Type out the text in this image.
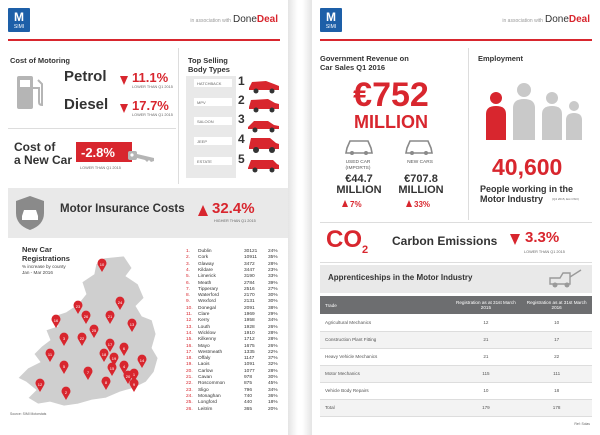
M
SIMI
in association with DoneDeal
Cost of Motoring
Petrol 11.1%
LOWER THAN Q1 2015
Diesel 17.7%
LOWER THAN Q1 2015
Cost of
a New Car -2.8%
LOWER THAN Q1 2015
Top Selling
Body Types
HATCHBACK
MPV
SALOON
JEEP
ESTATE
1
2
3
4
5
Motor Insurance Costs 32.4%
HIGHER THAN Q1 2015
New Car
Registrations
% increase by county
Jan - Mar 2016
1
2
3
4
5
6
7
8	9
10
11
12
13
14
15
16
17
18
19
20
21
22
23
24
25
26
Source: SIMI Motorstats
1. Dublin	30121 24%
2. Cork	10911 35%
3. Glaway	3472	28%
4. Kildare	3447	23%
5. Limerick	3190	33%
6. Meath	2784	39%
7. Tipperary	2516	27%
8. Waterford	2170	30%
9. Wexford	2131	30%
10. Donegal	2091	38%
11. Clare	1969	29%
12. Kerry	1958	34%
13. Louth	1928	26%
14. Wicklow	1910	28%
15. Kilkenny	1712	28%
16. Mayo	1675	26%
17. Westmeath	1335	22%
18. Offaly	1147	37%
19. Laois	1091	32%
20. Carlow	1077	28%
21. Cavan	978	30%
22. Roscommon	875	45%
23. Sligo	796	34%
24. Monaghan	740	36%
25. Longford	440	18%
26. Leitrim	365	20%
M
SIMI
in association with DoneDeal
Government Revenue on
Car Sales Q1 2016
€752
MILLION
USED CAR
(IMPORTS)
NEW CARS
€44.7
MILLION
€707.8
MILLION
7%	33%
Employment
40,600
People working in the
Motor Industry	(Q4 2015, Est CSO)
$CO_2$
Carbon Emissions 3.3%
LOWER THAN Q1 2015
Apprenticeships in the Motor Industry
Trade	Registration as at 31st March 2015	Registration as at 31st March 2016
Agricultural Mechanics	12	10
Construction Plant Fitting	21	17
Heavy Vehicle Mechanics	21	22
Motor Mechanics	115	111
Vehicle Body Repairs	10	18
Total	179	178
Ref: Solas
